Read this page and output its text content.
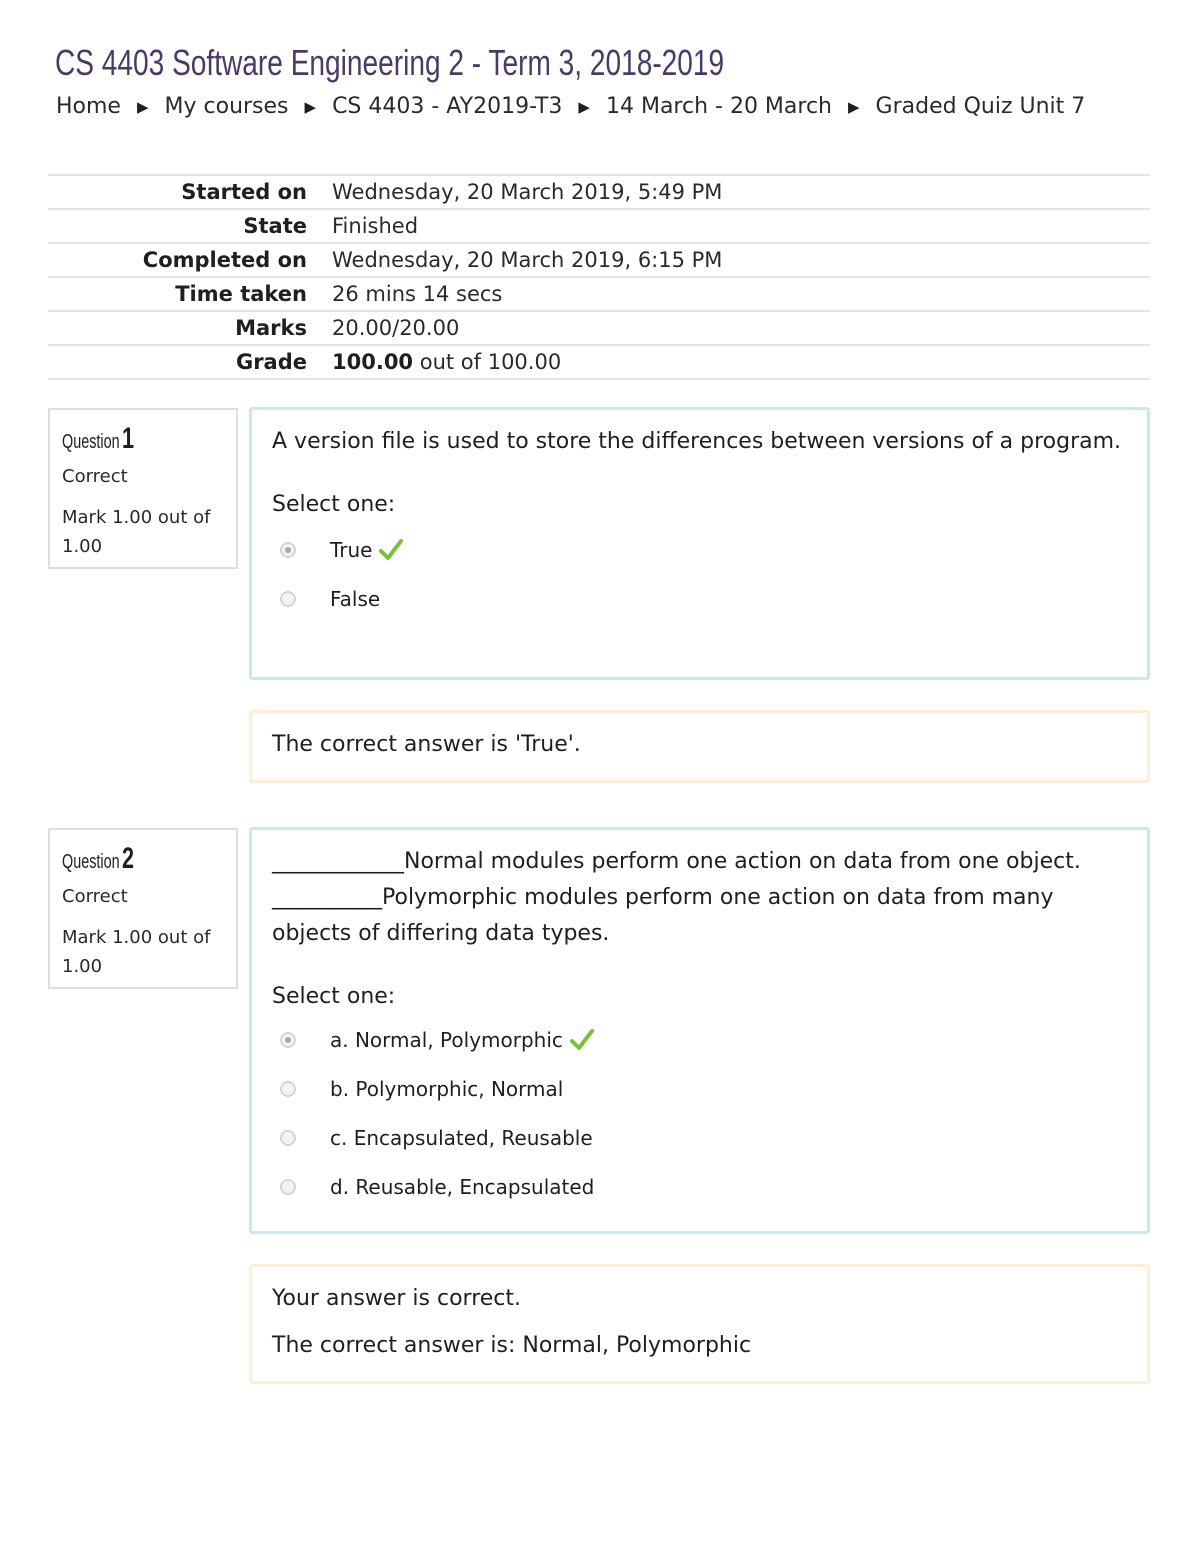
CS 4403 Software Engineering 2 - Term 3, 2018-2019
Home ▶ My courses ▶ CS 4403 - AY2019-T3 ▶ 14 March - 20 March ▶ Graded Quiz Unit 7
Started on	Wednesday, 20 March 2019, 5:49 PM
State	Finished
Completed on	Wednesday, 20 March 2019, 6:15 PM
Time taken	26 mins 14 secs
Marks	20.00/20.00
Grade	100.00 out of 100.00
Question 1
Correct
Mark 1.00 out of 1.00
A version file is used to store the differences between versions of a program.
Select one:
True
False

The correct answer is 'True'.

Question 2
Correct
Mark 1.00 out of 1.00
____________Normal modules perform one action on data from one object. __________Polymorphic modules perform one action on data from many objects of differing data types.
Select one:
a. Normal, Polymorphic
b. Polymorphic, Normal
c. Encapsulated, Reusable
d. Reusable, Encapsulated

Your answer is correct.

The correct answer is: Normal, Polymorphic
